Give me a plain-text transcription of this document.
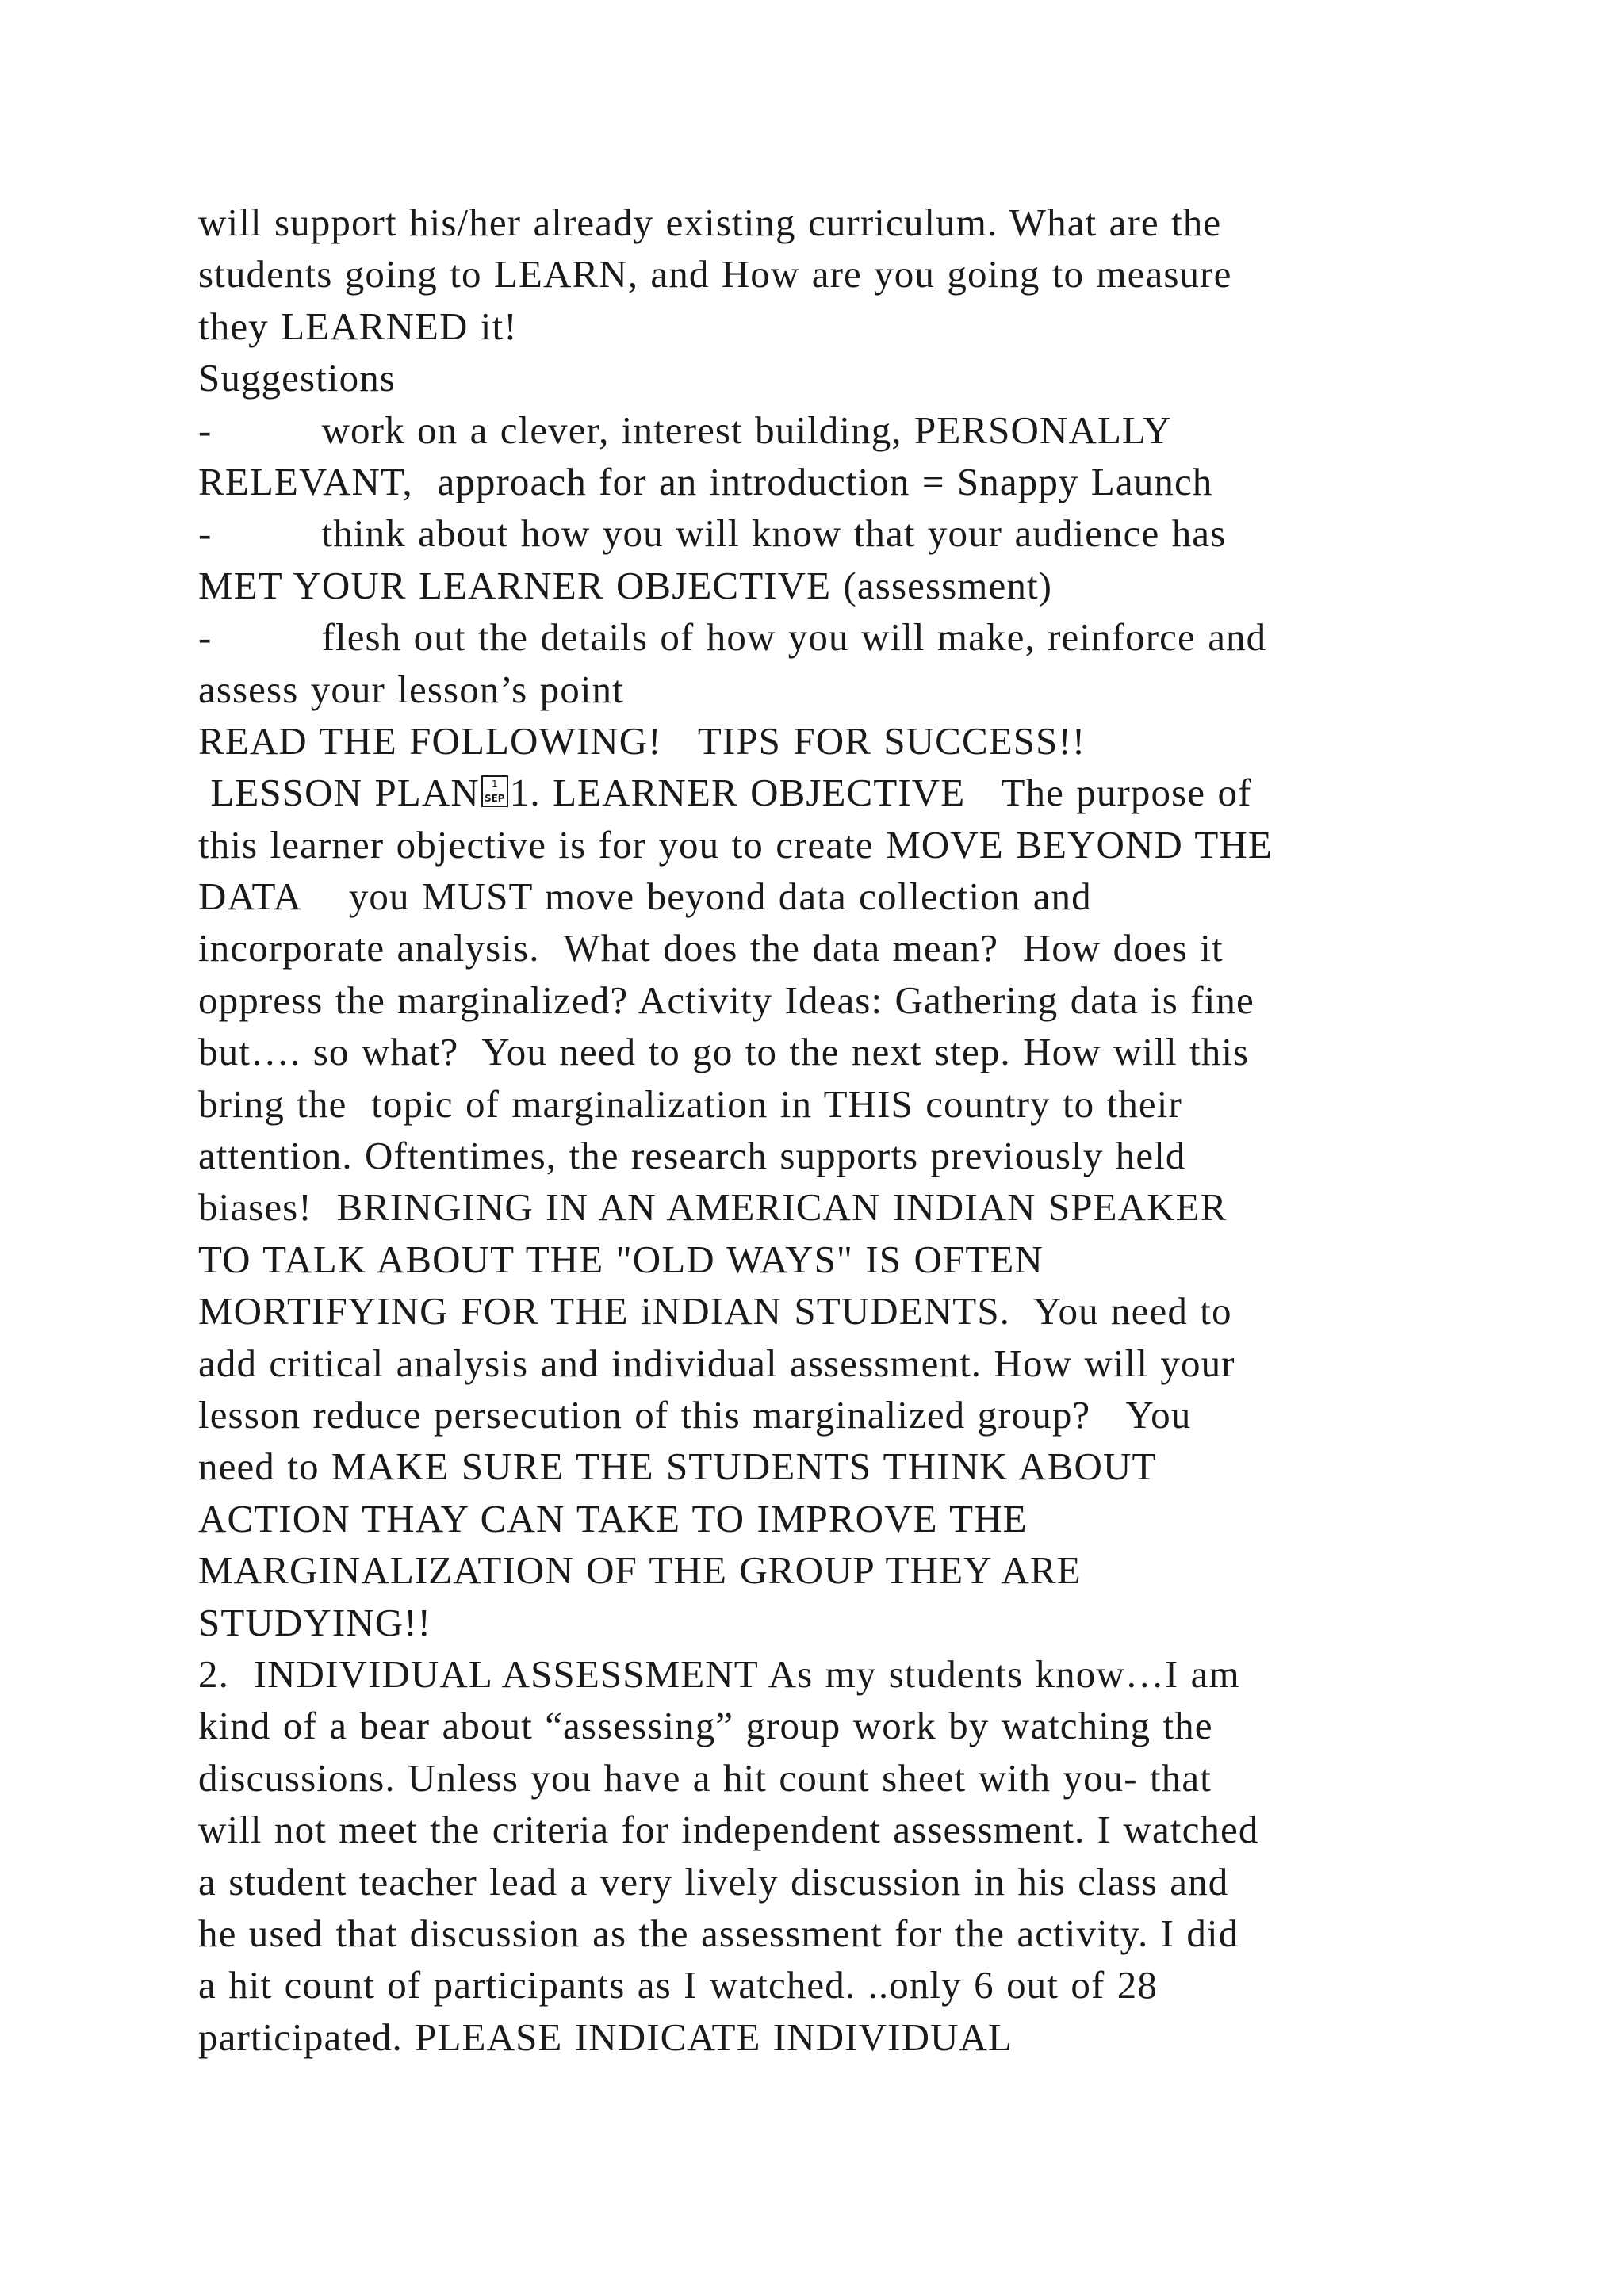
will support his/her already existing curriculum. What are the
students going to LEARN, and How are you going to measure
they LEARNED it!
Suggestions
-         work on a clever, interest building, PERSONALLY
RELEVANT,  approach for an introduction = Snappy Launch
-         think about how you will know that your audience has
MET YOUR LEARNER OBJECTIVE (assessment)
-         flesh out the details of how you will make, reinforce and
assess your lesson’s point
READ THE FOLLOWING!   TIPS FOR SUCCESS!!
LESSON PLAN	1
SEP 1. LEARNER OBJECTIVE   The purpose of
this learner objective is for you to create MOVE BEYOND THE
DATA    you MUST move beyond data collection and
incorporate analysis.  What does the data mean?  How does it
oppress the marginalized? Activity Ideas: Gathering data is fine
but…. so what?  You need to go to the next step. How will this
bring the  topic of marginalization in THIS country to their
attention. Oftentimes, the research supports previously held
biases!  BRINGING IN AN AMERICAN INDIAN SPEAKER
TO TALK ABOUT THE "OLD WAYS" IS OFTEN
MORTIFYING FOR THE iNDIAN STUDENTS.  You need to
add critical analysis and individual assessment. How will your
lesson reduce persecution of this marginalized group?   You
need to MAKE SURE THE STUDENTS THINK ABOUT
ACTION THAY CAN TAKE TO IMPROVE THE
MARGINALIZATION OF THE GROUP THEY ARE
STUDYING!!
2.  INDIVIDUAL ASSESSMENT As my students know…I am
kind of a bear about “assessing” group work by watching the
discussions. Unless you have a hit count sheet with you- that
will not meet the criteria for independent assessment. I watched
a student teacher lead a very lively discussion in his class and
he used that discussion as the assessment for the activity. I did
a hit count of participants as I watched. ..only 6 out of 28
participated. PLEASE INDICATE INDIVIDUAL
